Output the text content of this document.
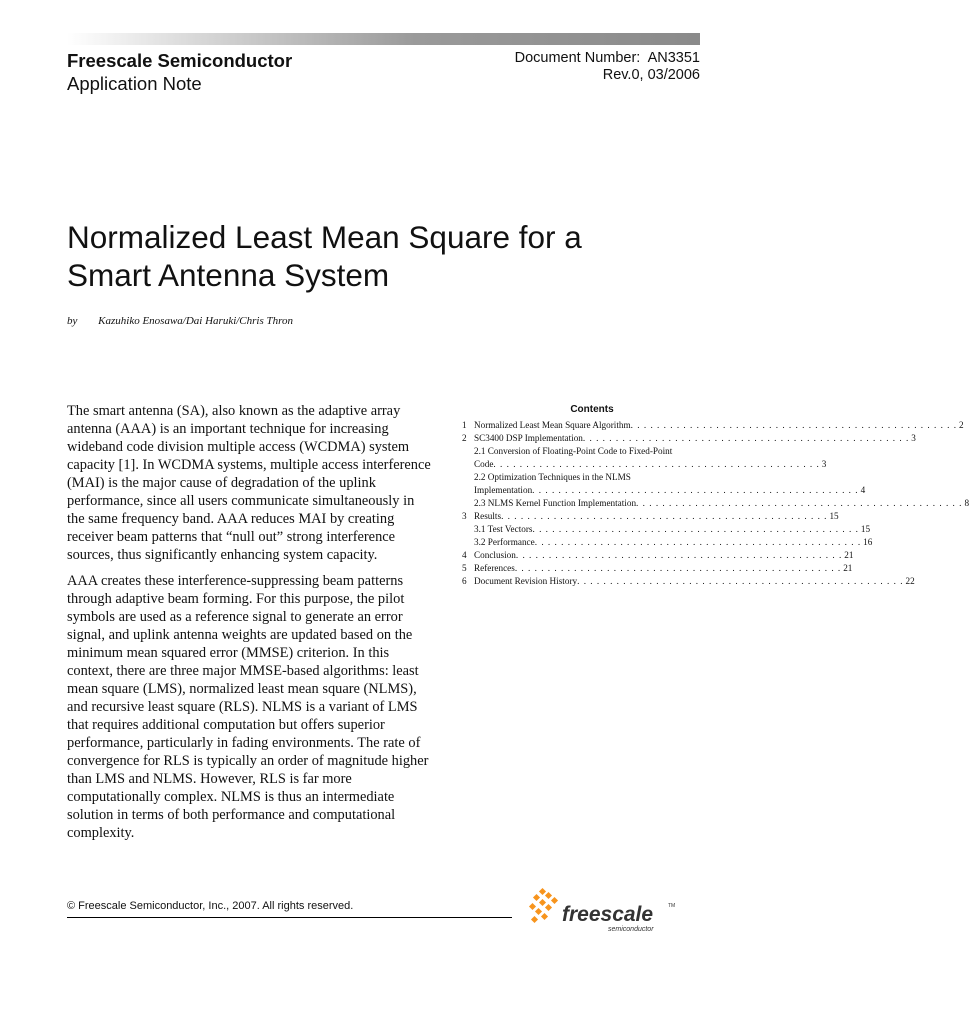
Freescale Semiconductor
Application Note
Document Number:  AN3351
Rev.0, 03/2006
Normalized Least Mean Square for a
Smart Antenna System
by Kazuhiko Enosawa/Dai Haruki/Chris Thron

The smart antenna (SA), also known as the adaptive array antenna (AAA) is an important technique for increasing wideband code division multiple access (WCDMA) system capacity [1]. In WCDMA systems, multiple access interference (MAI) is the major cause of degradation of the uplink performance, since all users communicate simultaneously in the same frequency band. AAA reduces MAI by creating receiver beam patterns that “null out” strong interference sources, thus significantly enhancing system capacity.

AAA creates these interference-suppressing beam patterns through adaptive beam forming. For this purpose, the pilot symbols are used as a reference signal to generate an error signal, and uplink antenna weights are updated based on the minimum mean squared error (MMSE) criterion. In this context, there are three major MMSE-based algorithms: least mean square (LMS), normalized least mean square (NLMS), and recursive least square (RLS). NLMS is a variant of LMS that requires additional computation but offers superior performance, particularly in fading environments. The rate of convergence for RLS is typically an order of magnitude higher than LMS and NLMS. However, RLS is far more computationally complex. NLMS is thus an intermediate solution in terms of both performance and computational complexity.

Contents
1 Normalized Least Mean Square Algorithm . . . . . . . . . . . . . . . . . . . . . . . . . . . . . . . . . . . . . . . . . . . . . . . . . . 2
2 SC3400 DSP Implementation . . . . . . . . . . . . . . . . . . . . . . . . . . . . . . . . . . . . . . . . . . . . . . . . . . 3
2.1 Conversion of Floating-Point Code to Fixed-Point
Code . . . . . . . . . . . . . . . . . . . . . . . . . . . . . . . . . . . . . . . . . . . . . . . . . . 3
2.2 Optimization Techniques in the NLMS
Implementation . . . . . . . . . . . . . . . . . . . . . . . . . . . . . . . . . . . . . . . . . . . . . . . . . . 4
2.3 NLMS Kernel Function Implementation . . . . . . . . . . . . . . . . . . . . . . . . . . . . . . . . . . . . . . . . . . . . . . . . . . 8
3 Results . . . . . . . . . . . . . . . . . . . . . . . . . . . . . . . . . . . . . . . . . . . . . . . . . . 15
3.1 Test Vectors . . . . . . . . . . . . . . . . . . . . . . . . . . . . . . . . . . . . . . . . . . . . . . . . . . 15
3.2 Performance . . . . . . . . . . . . . . . . . . . . . . . . . . . . . . . . . . . . . . . . . . . . . . . . . . 16
4 Conclusion . . . . . . . . . . . . . . . . . . . . . . . . . . . . . . . . . . . . . . . . . . . . . . . . . . 21
5 References . . . . . . . . . . . . . . . . . . . . . . . . . . . . . . . . . . . . . . . . . . . . . . . . . . 21
6 Document Revision History . . . . . . . . . . . . . . . . . . . . . . . . . . . . . . . . . . . . . . . . . . . . . . . . . . 22
© Freescale Semiconductor, Inc., 2007. All rights reserved.	freescale	TM
semiconductor
